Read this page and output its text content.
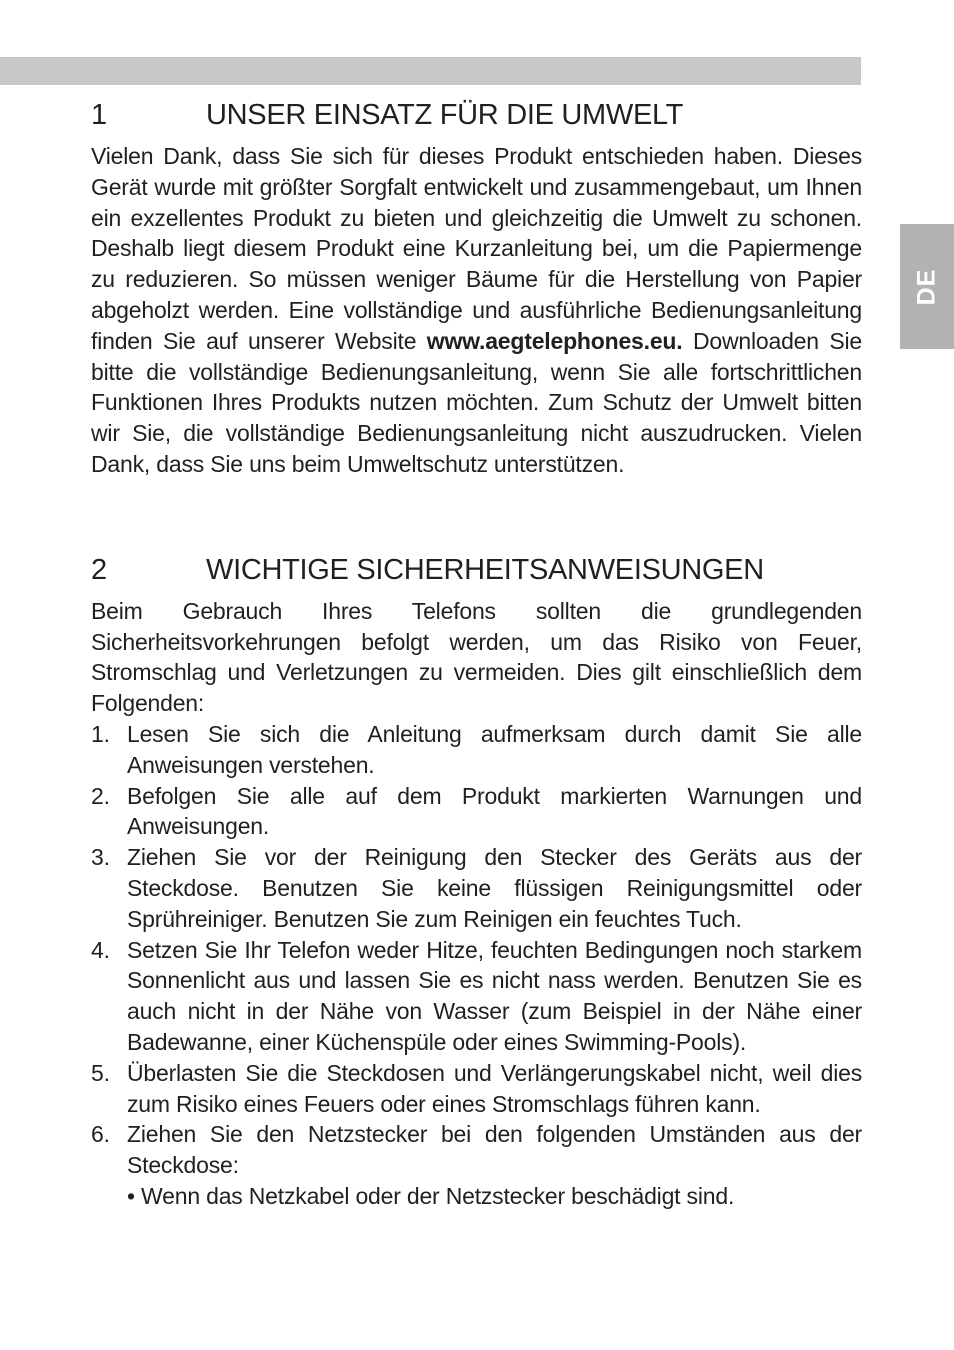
DE
1	UNSER EINSATZ FÜR DIE UMWELT

Vielen Dank, dass Sie sich für dieses Produkt entschieden haben. Dieses Gerät wurde mit größter Sorgfalt entwickelt und zusammengebaut, um Ihnen ein exzellentes Produkt zu bieten und gleichzeitig die Umwelt zu schonen. Deshalb liegt diesem Produkt eine Kurzanleitung bei, um die Papiermenge zu reduzieren. So müssen weniger Bäume für die Herstellung von Papier abgeholzt werden. Eine vollständige und ausführliche Bedienungsanleitung finden Sie auf unserer Website www.aegtelephones.eu. Downloaden Sie bitte die vollständige Bedienungsanleitung, wenn Sie alle fortschrittlichen Funktionen Ihres Produkts nutzen möchten. Zum Schutz der Umwelt bitten wir Sie, die vollständige Bedienungsanleitung nicht auszudrucken. Vielen Dank, dass Sie uns beim Umweltschutz unterstützen.

2	WICHTIGE SICHERHEITSANWEISUNGEN

Beim Gebrauch Ihres Telefons sollten die grundlegenden Sicherheitsvorkehrungen befolgt werden, um das Risiko von Feuer, Stromschlag und Verletzungen zu vermeiden. Dies gilt einschließlich dem Folgenden:

1. Lesen Sie sich die Anleitung aufmerksam durch damit Sie alle Anweisungen verstehen.
2. Befolgen Sie alle auf dem Produkt markierten Warnungen und Anweisungen.
3. Ziehen Sie vor der Reinigung den Stecker des Geräts aus der Steckdose. Benutzen Sie keine flüssigen Reinigungsmittel oder Sprühreiniger. Benutzen Sie zum Reinigen ein feuchtes Tuch.
4. Setzen Sie Ihr Telefon weder Hitze, feuchten Bedingungen noch starkem Sonnenlicht aus und lassen Sie es nicht nass werden. Benutzen Sie es auch nicht in der Nähe von Wasser (zum Beispiel in der Nähe einer Badewanne, einer Küchenspüle oder eines Swimming-Pools).
5. Überlasten Sie die Steckdosen und Verlängerungskabel nicht, weil dies zum Risiko eines Feuers oder eines Stromschlags führen kann.
6. Ziehen Sie den Netzstecker bei den folgenden Umständen aus der Steckdose:
• Wenn das Netzkabel oder der Netzstecker beschädigt sind.
